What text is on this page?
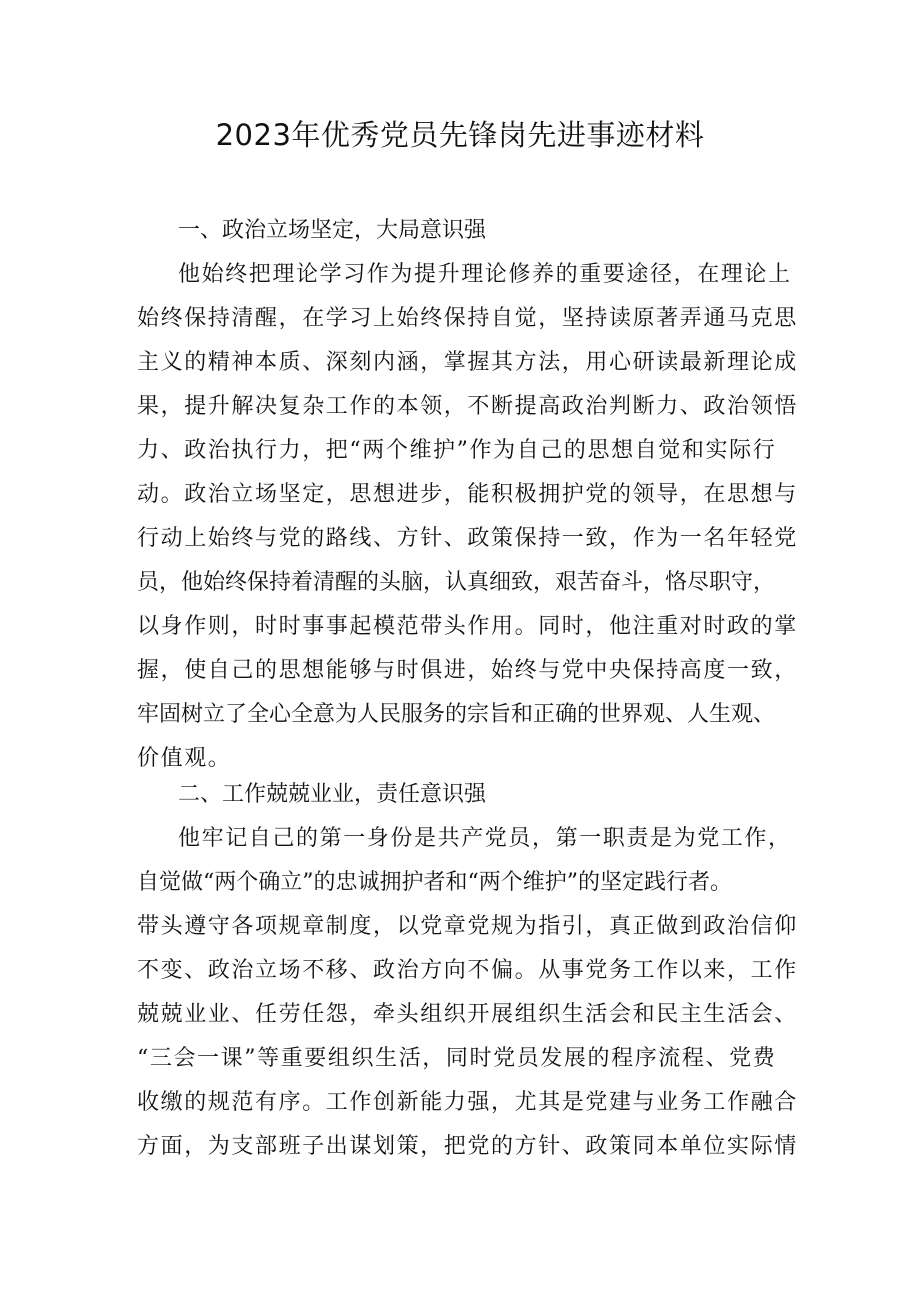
2023年优秀党员先锋岗先进事迹材料
一、政治立场坚定，大局意识强
他始终把理论学习作为提升理论修养的重要途径，在理论上
始终保持清醒，在学习上始终保持自觉，坚持读原著弄通马克思
主义的精神本质、深刻内涵，掌握其方法，用心研读最新理论成
果，提升解决复杂工作的本领，不断提高政治判断力、政治领悟
力、政治执行力，把“两个维护”作为自己的思想自觉和实际行
动。政治立场坚定，思想进步，能积极拥护党的领导，在思想与
行动上始终与党的路线、方针、政策保持一致，作为一名年轻党
员，他始终保持着清醒的头脑，认真细致，艰苦奋斗，恪尽职守，
以身作则，时时事事起模范带头作用。同时，他注重对时政的掌
握，使自己的思想能够与时俱进，始终与党中央保持高度一致，
牢固树立了全心全意为人民服务的宗旨和正确的世界观、人生观、
价值观。
二、工作兢兢业业，责任意识强
他牢记自己的第一身份是共产党员，第一职责是为党工作，
自觉做“两个确立”的忠诚拥护者和“两个维护”的坚定践行者。
带头遵守各项规章制度，以党章党规为指引，真正做到政治信仰
不变、政治立场不移、政治方向不偏。从事党务工作以来，工作
兢兢业业、任劳任怨，牵头组织开展组织生活会和民主生活会、
“三会一课”等重要组织生活，同时党员发展的程序流程、党费
收缴的规范有序。工作创新能力强，尤其是党建与业务工作融合
方面，为支部班子出谋划策，把党的方针、政策同本单位实际情
